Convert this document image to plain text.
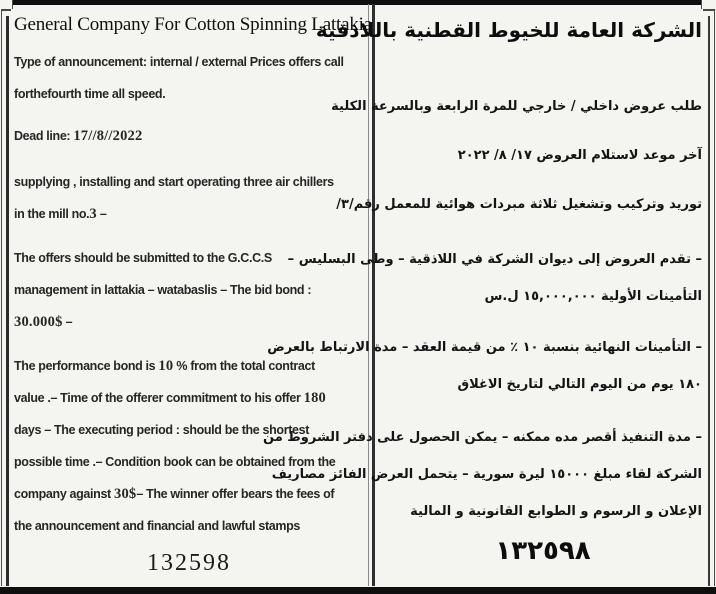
General Company For Cotton Spinning Lattakia
Type of announcement: internal / external Prices offers call
forthefourth time all speed.
Dead line: 17//8//2022
supplying , installing and start operating three air chillers
in the mill no.3 –
The offers should be submitted to the G.C.C.S
management in lattakia – watabaslis – The bid bond :
30.000$ –
The performance bond is 10 % from the total contract
value .– Time of the offerer commitment to his offer 180
days – The executing period : should be the shortest
possible time .– Condition book can be obtained from the
company against 30$– The winner offer bears the fees of
the announcement and financial and lawful stamps
132598
الشركة العامة للخيوط القطنية باللاذقية
طلب عروض داخلي / خارجي للمرة الرابعة وبالسرعة الكلية
آخر موعد لاستلام العروض ١٧/ ٨/ ٢٠٢٢
توريد وتركيب وتشغيل ثلاثة مبردات هوائية للمعمل رقم/٣/
– تقدم العروض إلى ديوان الشركة في اللاذقية – وطى البسليس –
التأمينات الأولية ١٥,٠٠٠,٠٠٠ ل.س
– التأمينات النهائية بنسبة ١٠ ٪ من قيمة العقد – مدة الارتباط بالعرض
١٨٠ يوم من اليوم التالي لتاريخ الاغلاق
– مدة التنفيذ أقصر مده ممكنه – يمكن الحصول على دفتر الشروط من
الشركة لقاء مبلغ ١٥٠٠٠ ليرة سورية – يتحمل العرض الفائز مصاريف
الإعلان و الرسوم و الطوابع القانونية و المالية
١٣٢٥٩٨
